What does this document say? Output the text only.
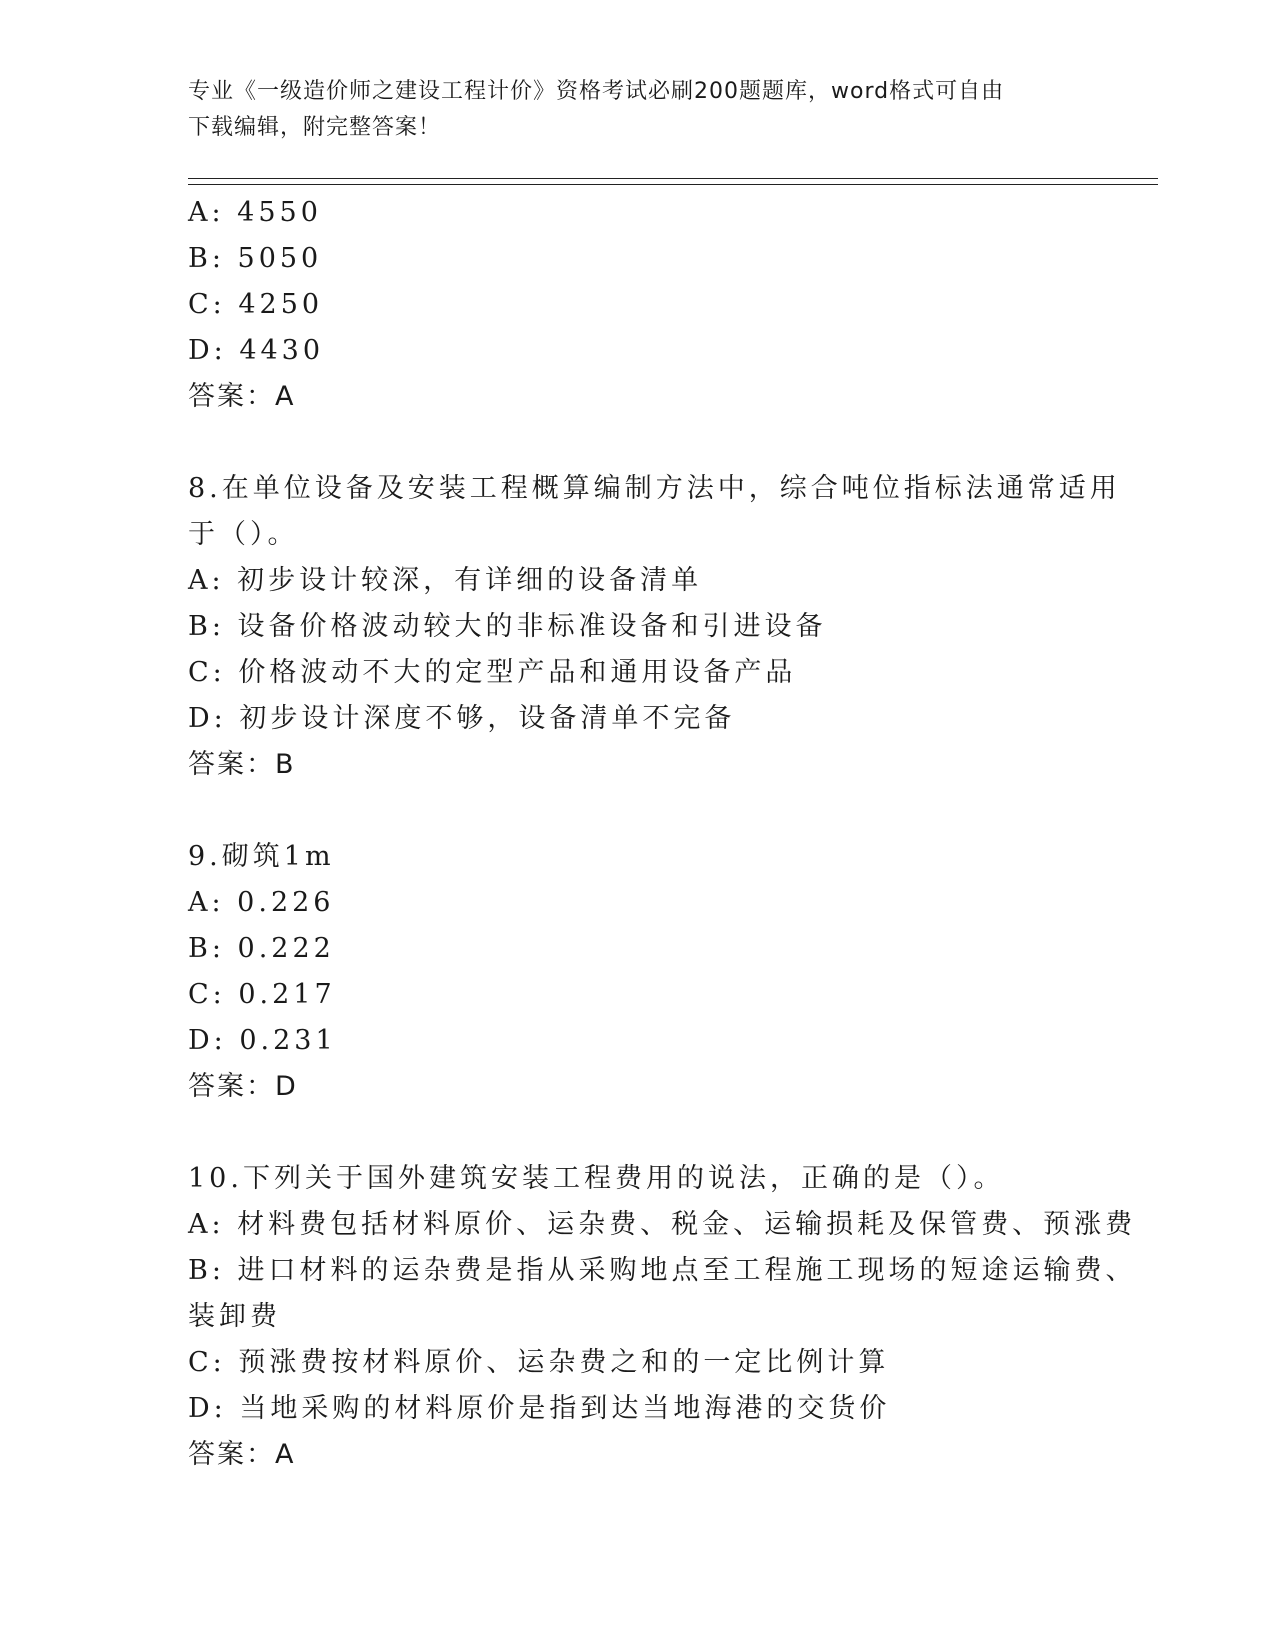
专业《一级造价师之建设工程计价》资格考试必刷200题题库，word格式可自由
下载编辑，附完整答案！
A: 4550
B: 5050
C: 4250
D: 4430
答案：A
8.在单位设备及安装工程概算编制方法中，综合吨位指标法通常适用
于（）。
A: 初步设计较深，有详细的设备清单
B: 设备价格波动较大的非标准设备和引进设备
C: 价格波动不大的定型产品和通用设备产品
D: 初步设计深度不够，设备清单不完备
答案：B
9.砌筑1m
A: 0.226
B: 0.222
C: 0.217
D: 0.231
答案：D
10.下列关于国外建筑安装工程费用的说法，正确的是（）。
A: 材料费包括材料原价、运杂费、税金、运输损耗及保管费、预涨费
B: 进口材料的运杂费是指从采购地点至工程施工现场的短途运输费、
装卸费
C: 预涨费按材料原价、运杂费之和的一定比例计算
D: 当地采购的材料原价是指到达当地海港的交货价
答案：A
